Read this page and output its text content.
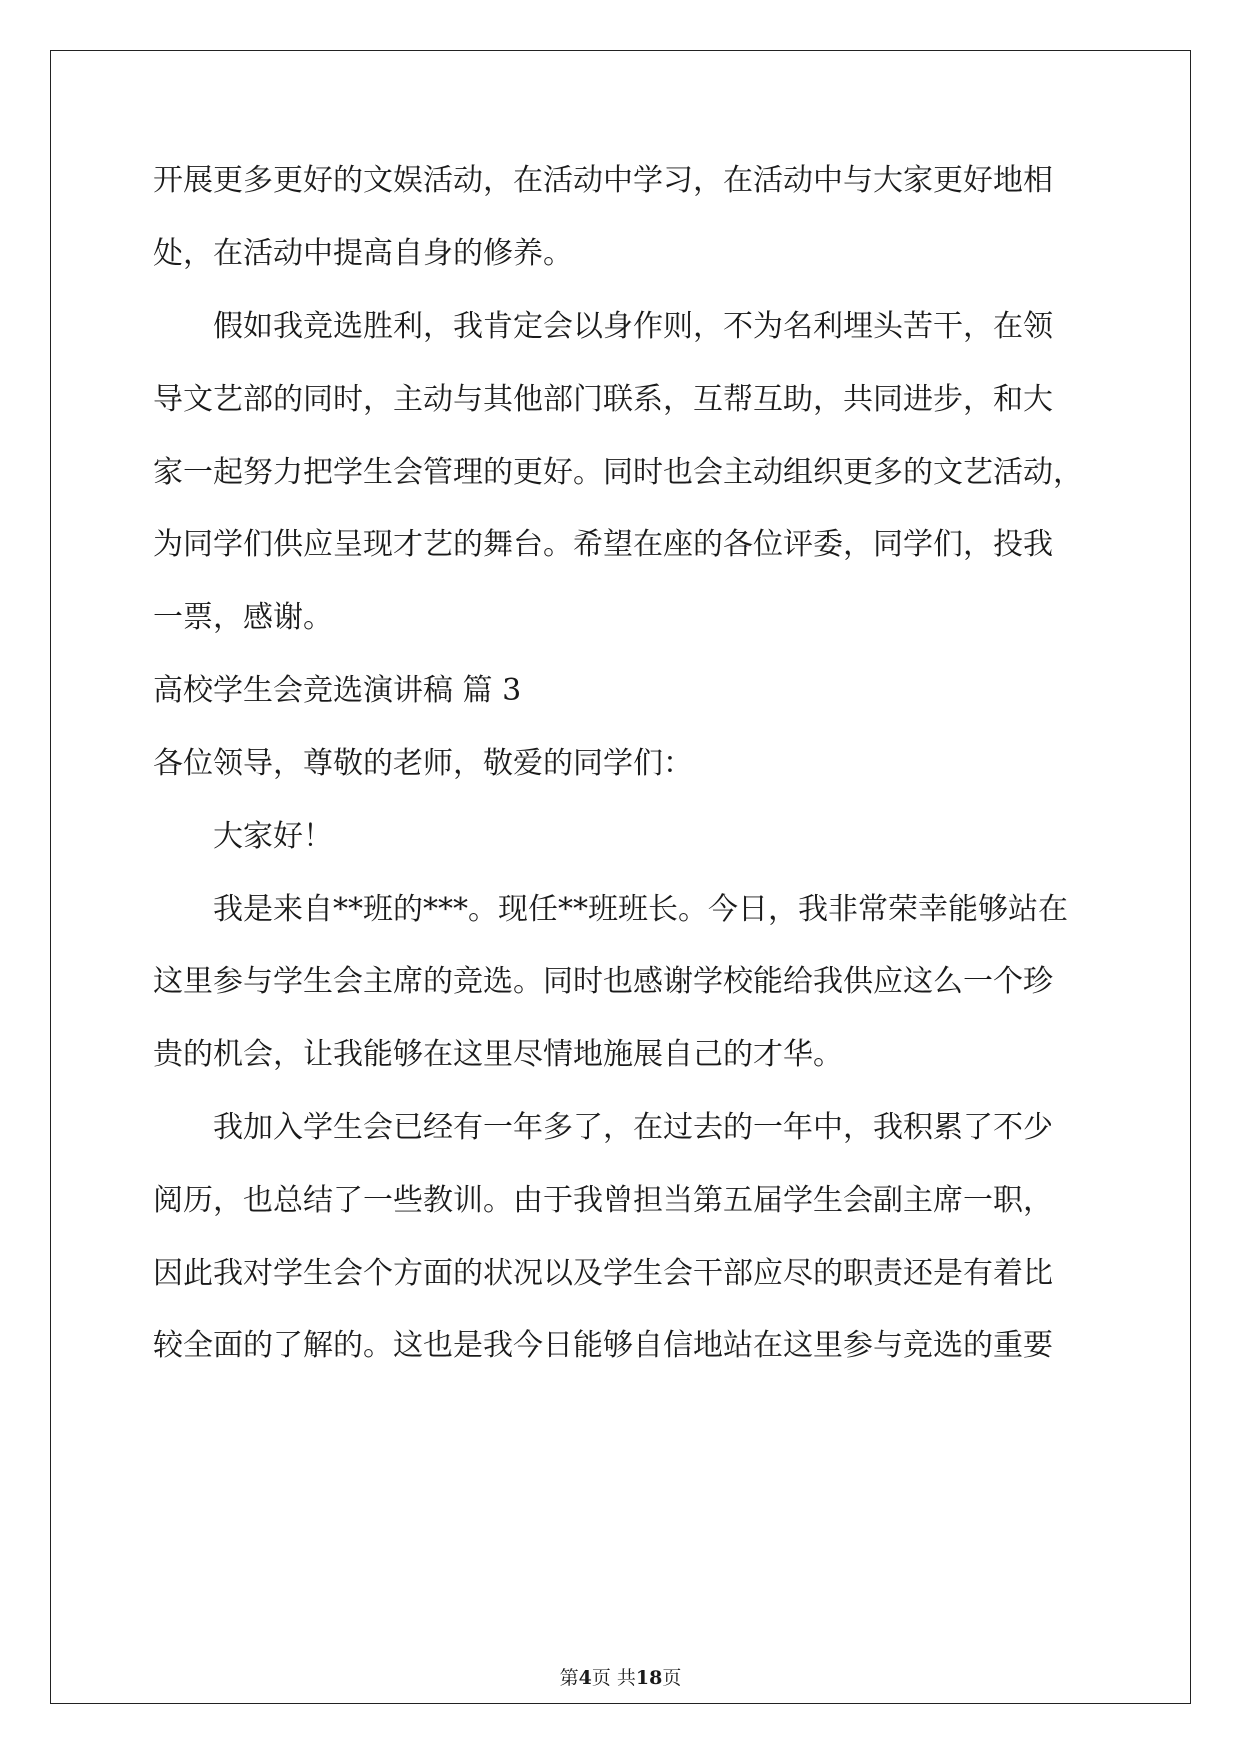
开展更多更好的文娱活动，在活动中学习，在活动中与大家更好地相
处，在活动中提高自身的修养。
假如我竞选胜利，我肯定会以身作则，不为名利埋头苦干，在领
导文艺部的同时，主动与其他部门联系，互帮互助，共同进步，和大
家一起努力把学生会管理的更好。同时也会主动组织更多的文艺活动，
为同学们供应呈现才艺的舞台。希望在座的各位评委，同学们，投我
一票，感谢。
高校学生会竞选演讲稿 篇 3
各位领导，尊敬的老师，敬爱的同学们：
大家好！
我是来自**班的***。现任**班班长。今日，我非常荣幸能够站在
这里参与学生会主席的竞选。同时也感谢学校能给我供应这么一个珍
贵的机会，让我能够在这里尽情地施展自己的才华。
我加入学生会已经有一年多了，在过去的一年中，我积累了不少
阅历，也总结了一些教训。由于我曾担当第五届学生会副主席一职，
因此我对学生会个方面的状况以及学生会干部应尽的职责还是有着比
较全面的了解的。这也是我今日能够自信地站在这里参与竞选的重要
第4页 共18页
